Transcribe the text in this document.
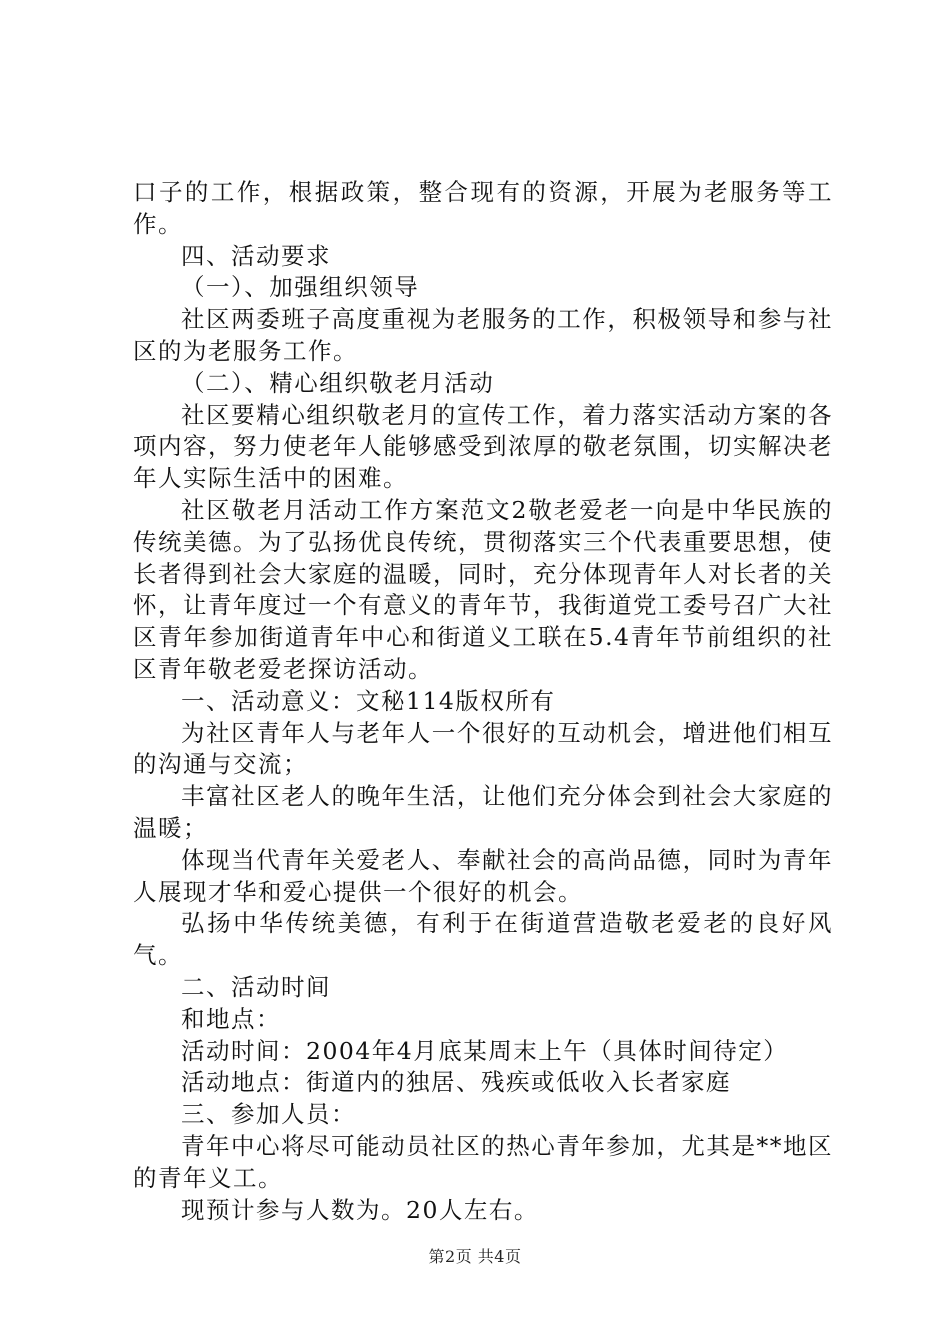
口子的工作，根据政策，整合现有的资源，开展为老服务等工作。

四、活动要求

（一）、加强组织领导

社区两委班子高度重视为老服务的工作，积极领导和参与社区的为老服务工作。

（二）、精心组织敬老月活动

社区要精心组织敬老月的宣传工作，着力落实活动方案的各项内容，努力使老年人能够感受到浓厚的敬老氛围，切实解决老年人实际生活中的困难。

社区敬老月活动工作方案范文2敬老爱老一向是中华民族的传统美德。为了弘扬优良传统，贯彻落实三个代表重要思想，使长者得到社会大家庭的温暖，同时，充分体现青年人对长者的关怀，让青年度过一个有意义的青年节，我街道党工委号召广大社区青年参加街道青年中心和街道义工联在5.4青年节前组织的社区青年敬老爱老探访活动。

一、活动意义：文秘114版权所有

为社区青年人与老年人一个很好的互动机会，增进他们相互的沟通与交流；

丰富社区老人的晚年生活，让他们充分体会到社会大家庭的温暖；

体现当代青年关爱老人、奉献社会的高尚品德，同时为青年人展现才华和爱心提供一个很好的机会。

弘扬中华传统美德，有利于在街道营造敬老爱老的良好风气。

二、活动时间

和地点：

活动时间：2004年4月底某周末上午（具体时间待定）

活动地点：街道内的独居、残疾或低收入长者家庭

三、参加人员：

青年中心将尽可能动员社区的热心青年参加，尤其是**地区的青年义工。

现预计参与人数为。20人左右。

第2页 共4页
